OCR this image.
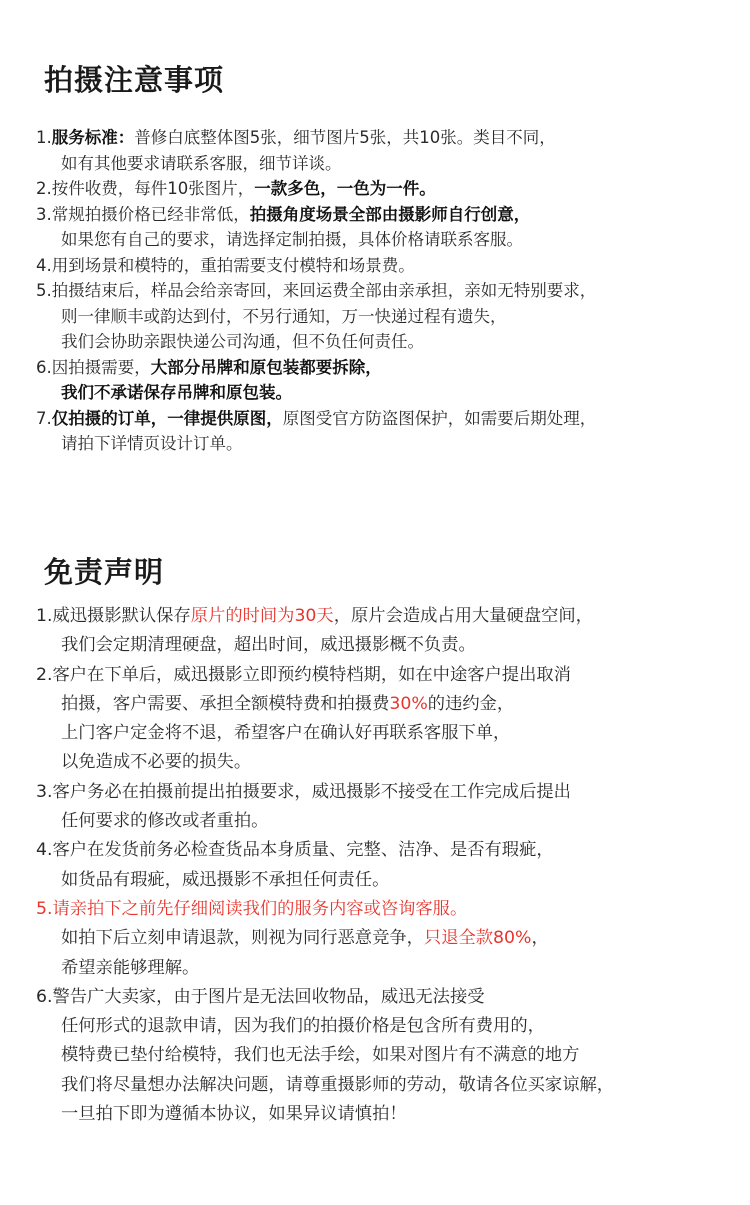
拍摄注意事项
1.服务标准：普修白底整体图5张，细节图片5张，共10张。类目不同，
如有其他要求请联系客服，细节详谈。
2.按件收费，每件10张图片，一款多色，一色为一件。
3.常规拍摄价格已经非常低，拍摄角度场景全部由摄影师自行创意，
如果您有自己的要求，请选择定制拍摄，具体价格请联系客服。
4.用到场景和模特的，重拍需要支付模特和场景费。
5.拍摄结束后，样品会给亲寄回，来回运费全部由亲承担，亲如无特别要求，
则一律顺丰或韵达到付，不另行通知，万一快递过程有遗失，
我们会协助亲跟快递公司沟通，但不负任何责任。
6.因拍摄需要，大部分吊牌和原包装都要拆除，
我们不承诺保存吊牌和原包装。
7.仅拍摄的订单，一律提供原图，原图受官方防盗图保护，如需要后期处理，
请拍下详情页设计订单。
免责声明
1.威迅摄影默认保存原片的时间为30天，原片会造成占用大量硬盘空间，
我们会定期清理硬盘，超出时间，威迅摄影概不负责。
2.客户在下单后，威迅摄影立即预约模特档期，如在中途客户提出取消
拍摄，客户需要、承担全额模特费和拍摄费30%的违约金，
上门客户定金将不退，希望客户在确认好再联系客服下单，
以免造成不必要的损失。
3.客户务必在拍摄前提出拍摄要求，威迅摄影不接受在工作完成后提出
任何要求的修改或者重拍。
4.客户在发货前务必检查货品本身质量、完整、洁净、是否有瑕疵，
如货品有瑕疵，威迅摄影不承担任何责任。
5.请亲拍下之前先仔细阅读我们的服务内容或咨询客服。
如拍下后立刻申请退款，则视为同行恶意竞争，只退全款80%，
希望亲能够理解。
6.警告广大卖家，由于图片是无法回收物品，威迅无法接受
任何形式的退款申请，因为我们的拍摄价格是包含所有费用的，
模特费已垫付给模特，我们也无法手绘，如果对图片有不满意的地方
我们将尽量想办法解决问题，请尊重摄影师的劳动，敬请各位买家谅解，
一旦拍下即为遵循本协议，如果异议请慎拍！
